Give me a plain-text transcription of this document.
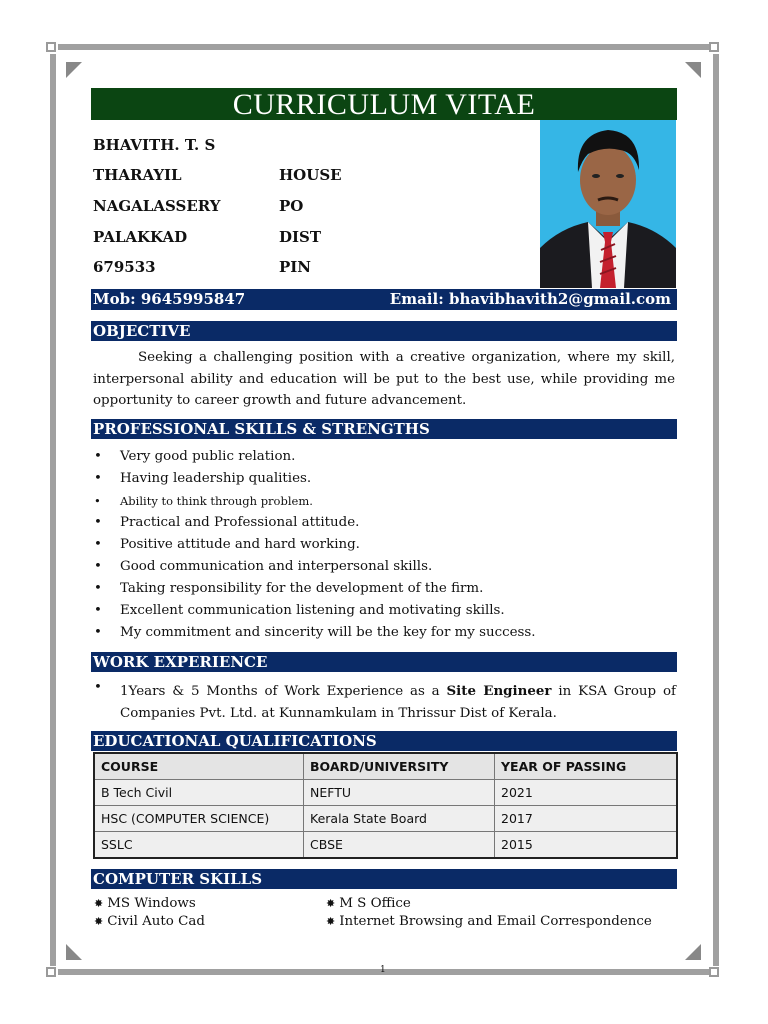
CURRICULUM VITAE
BHAVITH. T. S
THARAYIL	HOUSE
NAGALASSERY	PO
PALAKKAD	DIST
679533	PIN
Mob: 9645995847	Email: bhavibhavith2@gmail.com
OBJECTIVE
Seeking a challenging position with a creative organization, where my skill,
interpersonal ability and education will be put to the best use, while providing me
opportunity to career growth and future advancement.
PROFESSIONAL SKILLS & STRENGTHS
• Very good public relation.
• Having leadership qualities.
• Ability to think through problem.
• Practical and Professional attitude.
• Positive attitude and hard working.
• Good communication and interpersonal skills.
• Taking responsibility for the development of the firm.
• Excellent communication listening and motivating skills.
• My commitment and sincerity will be the key for my success.
WORK EXPERIENCE
• 1Years & 5 Months of Work Experience as a Site Engineer in KSA Group of
Companies Pvt. Ltd. at Kunnamkulam in Thrissur Dist of Kerala.
EDUCATIONAL QUALIFICATIONS
COURSE	BOARD/UNIVERSITY	YEAR OF PASSING
B Tech Civil	NEFTU	2021
HSC (COMPUTER SCIENCE)	Kerala State Board	2017
SSLC	CBSE	2015
COMPUTER SKILLS
✸ MS Windows	✸ M S Office
✸ Civil Auto Cad	✸ Internet Browsing and Email Correspondence
1
